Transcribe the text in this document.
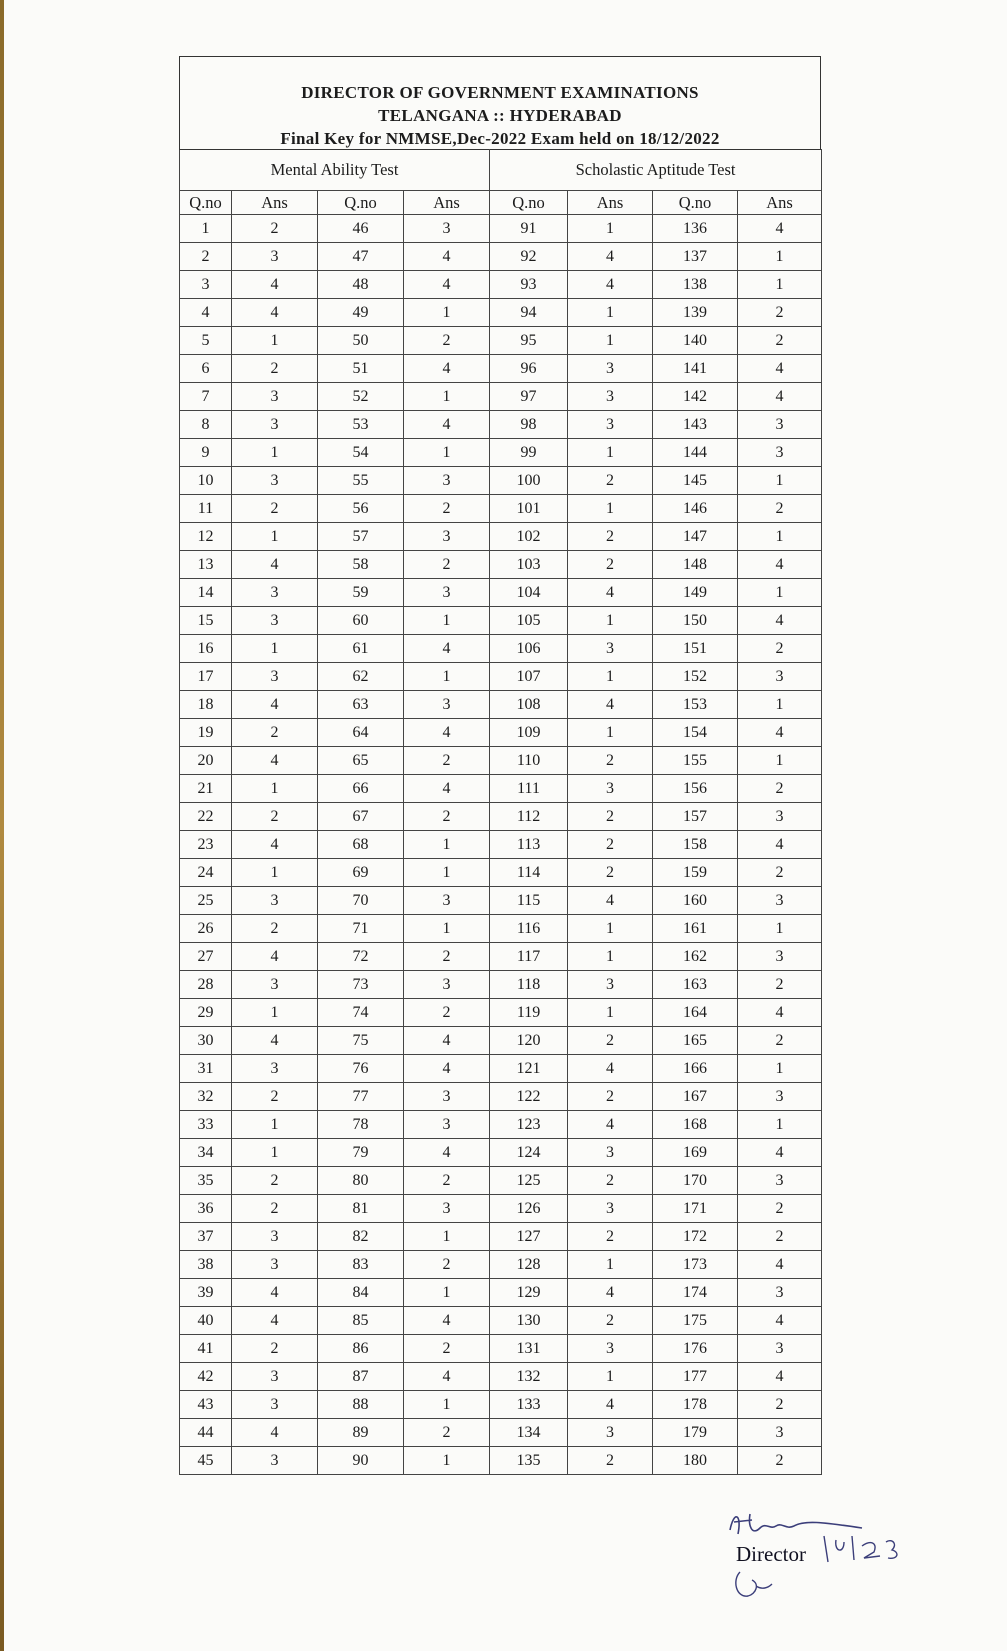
DIRECTOR OF GOVERNMENT EXAMINATIONS
TELANGANA :: HYDERABAD
Final Key for NMMSE,Dec-2022 Exam held on 18/12/2022
Mental Ability Test				Scholastic Aptitude Test			
Q.no	Ans	Q.no	Ans	Q.no	Ans	Q.no	Ans
1	2	46	3	91	1	136	4
2	3	47	4	92	4	137	1
3	4	48	4	93	4	138	1
4	4	49	1	94	1	139	2
5	1	50	2	95	1	140	2
6	2	51	4	96	3	141	4
7	3	52	1	97	3	142	4
8	3	53	4	98	3	143	3
9	1	54	1	99	1	144	3
10	3	55	3	100	2	145	1
11	2	56	2	101	1	146	2
12	1	57	3	102	2	147	1
13	4	58	2	103	2	148	4
14	3	59	3	104	4	149	1
15	3	60	1	105	1	150	4
16	1	61	4	106	3	151	2
17	3	62	1	107	1	152	3
18	4	63	3	108	4	153	1
19	2	64	4	109	1	154	4
20	4	65	2	110	2	155	1
21	1	66	4	111	3	156	2
22	2	67	2	112	2	157	3
23	4	68	1	113	2	158	4
24	1	69	1	114	2	159	2
25	3	70	3	115	4	160	3
26	2	71	1	116	1	161	1
27	4	72	2	117	1	162	3
28	3	73	3	118	3	163	2
29	1	74	2	119	1	164	4
30	4	75	4	120	2	165	2
31	3	76	4	121	4	166	1
32	2	77	3	122	2	167	3
33	1	78	3	123	4	168	1
34	1	79	4	124	3	169	4
35	2	80	2	125	2	170	3
36	2	81	3	126	3	171	2
37	3	82	1	127	2	172	2
38	3	83	2	128	1	173	4
39	4	84	1	129	4	174	3
40	4	85	4	130	2	175	4
41	2	86	2	131	3	176	3
42	3	87	4	132	1	177	4
43	3	88	1	133	4	178	2
44	4	89	2	134	3	179	3
45	3	90	1	135	2	180	2
Director
